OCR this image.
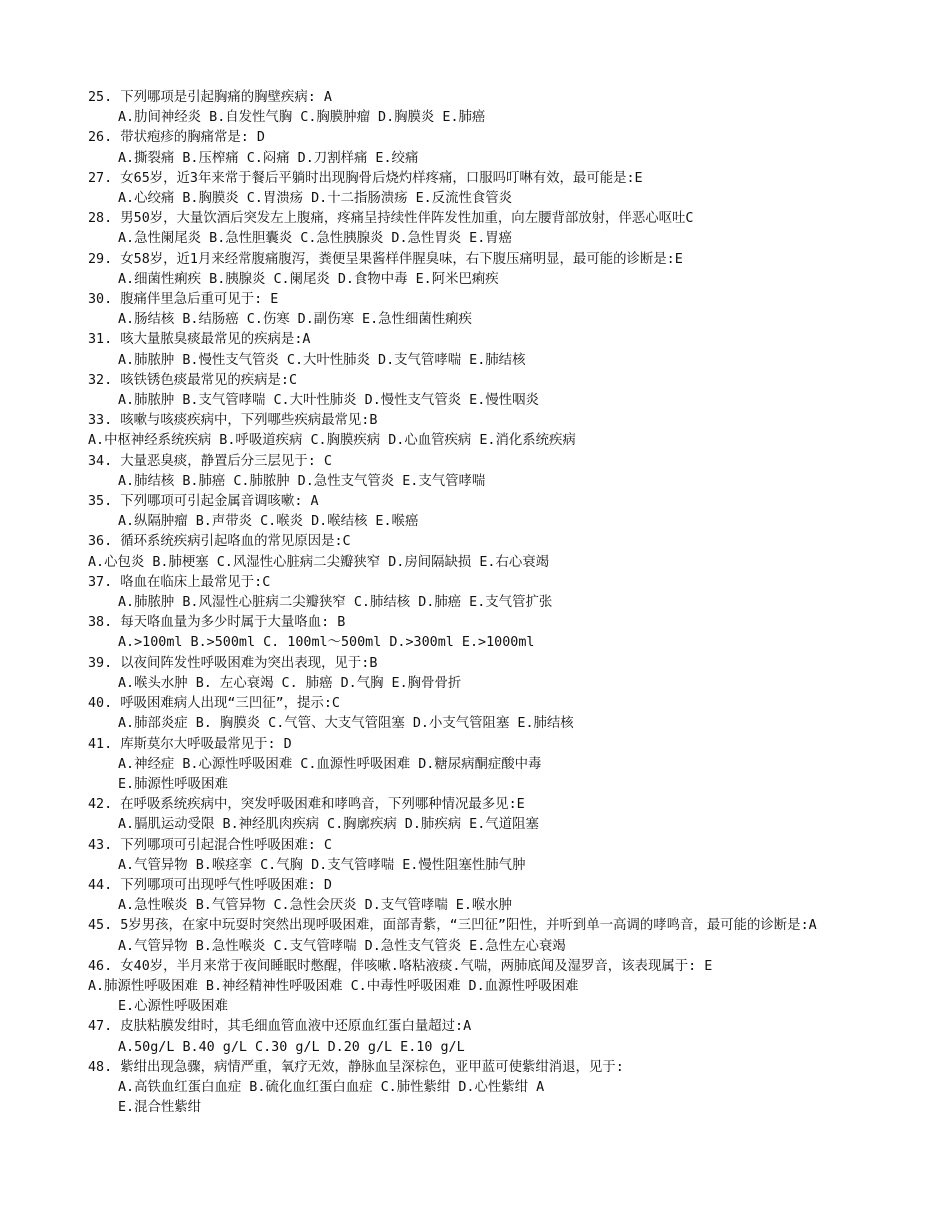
25. 下列哪项是引起胸痛的胸壁疾病: A
A.肋间神经炎 B.自发性气胸 C.胸膜肿瘤 D.胸膜炎 E.肺癌
26. 带状疱疹的胸痛常是: D
A.撕裂痛 B.压榨痛 C.闷痛 D.刀割样痛 E.绞痛
27. 女65岁，近3年来常于餐后平躺时出现胸骨后烧灼样疼痛，口服吗叮啉有效，最可能是:E
A.心绞痛 B.胸膜炎 C.胃溃疡 D.十二指肠溃疡 E.反流性食管炎
28. 男50岁，大量饮酒后突发左上腹痛，疼痛呈持续性伴阵发性加重，向左腰背部放射，伴恶心呕吐C
A.急性阑尾炎 B.急性胆囊炎 C.急性胰腺炎 D.急性胃炎 E.胃癌
29. 女58岁，近1月来经常腹痛腹泻，粪便呈果酱样伴腥臭味，右下腹压痛明显，最可能的诊断是:E
A.细菌性痢疾 B.胰腺炎 C.阑尾炎 D.食物中毒 E.阿米巴痢疾
30. 腹痛伴里急后重可见于: E
A.肠结核 B.结肠癌 C.伤寒 D.副伤寒 E.急性细菌性痢疾
31. 咳大量脓臭痰最常见的疾病是:A
A.肺脓肿 B.慢性支气管炎 C.大叶性肺炎 D.支气管哮喘 E.肺结核
32. 咳铁锈色痰最常见的疾病是:C
A.肺脓肿 B.支气管哮喘 C.大叶性肺炎 D.慢性支气管炎 E.慢性咽炎
33. 咳嗽与咳痰疾病中，下列哪些疾病最常见:B
A.中枢神经系统疾病 B.呼吸道疾病 C.胸膜疾病 D.心血管疾病 E.消化系统疾病
34. 大量恶臭痰，静置后分三层见于: C
A.肺结核 B.肺癌 C.肺脓肿 D.急性支气管炎 E.支气管哮喘
35. 下列哪项可引起金属音调咳嗽: A
A.纵隔肿瘤 B.声带炎 C.喉炎 D.喉结核 E.喉癌
36. 循环系统疾病引起咯血的常见原因是:C
A.心包炎 B.肺梗塞 C.风湿性心脏病二尖瓣狭窄 D.房间隔缺损 E.右心衰竭
37. 咯血在临床上最常见于:C
A.肺脓肿 B.风湿性心脏病二尖瓣狭窄 C.肺结核 D.肺癌 E.支气管扩张
38. 每天咯血量为多少时属于大量咯血: B
A.>100ml B.>500ml C. 100ml～500ml D.>300ml E.>1000ml
39. 以夜间阵发性呼吸困难为突出表现，见于:B
A.喉头水肿 B. 左心衰竭 C. 肺癌 D.气胸 E.胸骨骨折
40. 呼吸困难病人出现“三凹征”，提示:C
A.肺部炎症 B. 胸膜炎 C.气管、大支气管阻塞 D.小支气管阻塞 E.肺结核
41. 库斯莫尔大呼吸最常见于: D
A.神经症 B.心源性呼吸困难 C.血源性呼吸困难 D.糖尿病酮症酸中毒
E.肺源性呼吸困难
42. 在呼吸系统疾病中，突发呼吸困难和哮鸣音，下列哪种情况最多见:E
A.膈肌运动受限 B.神经肌肉疾病 C.胸廓疾病 D.肺疾病 E.气道阻塞
43. 下列哪项可引起混合性呼吸困难: C
A.气管异物 B.喉痉挛 C.气胸 D.支气管哮喘 E.慢性阻塞性肺气肿
44. 下列哪项可出现呼气性呼吸困难: D
A.急性喉炎 B.气管异物 C.急性会厌炎 D.支气管哮喘 E.喉水肿
45. 5岁男孩，在家中玩耍时突然出现呼吸困难，面部青紫，“三凹征”阳性，并听到单一高调的哮鸣音，最可能的诊断是:A
A.气管异物 B.急性喉炎 C.支气管哮喘 D.急性支气管炎 E.急性左心衰竭
46. 女40岁，半月来常于夜间睡眠时憋醒，伴咳嗽.咯粘液痰.气喘，两肺底闻及湿罗音，该表现属于: E
A.肺源性呼吸困难 B.神经精神性呼吸困难 C.中毒性呼吸困难 D.血源性呼吸困难
E.心源性呼吸困难
47. 皮肤粘膜发绀时，其毛细血管血液中还原血红蛋白量超过:A
A.50g/L B.40 g/L C.30 g/L D.20 g/L E.10 g/L
48. 紫绀出现急骤，病情严重，氧疗无效，静脉血呈深棕色，亚甲蓝可使紫绀消退，见于:
A.高铁血红蛋白血症 B.硫化血红蛋白血症 C.肺性紫绀 D.心性紫绀 A
E.混合性紫绀
